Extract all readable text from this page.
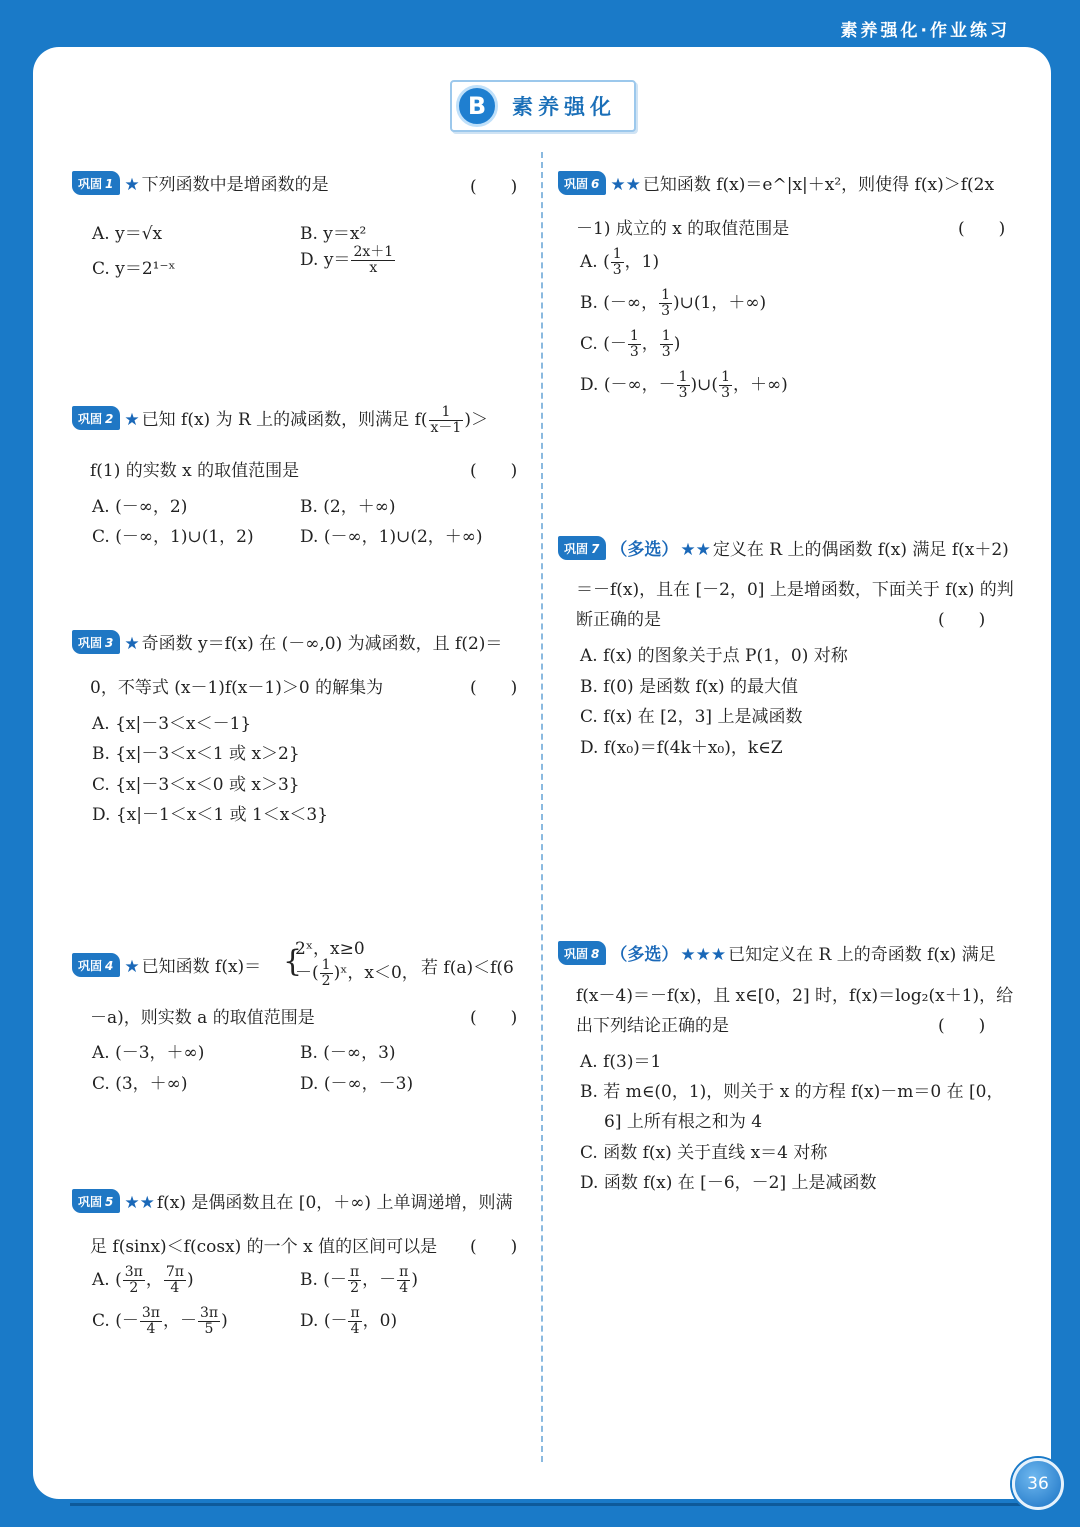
素养强化·作业练习
B	素养强化
巩固 1 ★ 下列函数中是增函数的是	(　　)
A. y＝√x	B. y＝x²
C. y＝2¹⁻ˣ	D. $y= \frac{2x+1}{x}$
巩固 2 ★ 已知 f(x) 为 R 上的减函数，则满足 $f( \frac{1}{x-1}$ )＞
f(1) 的实数 x 的取值范围是	(　　)
A. (－∞，2)	B. (2，＋∞)
C. (－∞，1)∪(1，2)	D. (－∞，1)∪(2，＋∞)
巩固 3 ★ 奇函数 y＝f(x) 在 (－∞,0) 为减函数，且 f(2)＝
0，不等式 (x－1)f(x－1)＞0 的解集为	(　　)
A. {x|－3＜x＜－1}
B. {x|－3＜x＜1 或 x＞2}
C. {x|－3＜x＜0 或 x＞3}
D. {x|－1＜x＜1 或 1＜x＜3}
巩固 4 ★ 已知函数 f(x)＝ {
2ˣ，x≥0
－( $\frac{1}{2}$ )ˣ，x＜0， 若 f(a)＜f(6
－a)，则实数 a 的取值范围是	(　　)
A. (－3，＋∞)	B. (－∞，3)
C. (3，＋∞)	D. (－∞，－3)
巩固 5 ★★ f(x) 是偶函数且在 [0，＋∞) 上单调递增，则满
足 f(sinx)＜f(cosx) 的一个 x 值的区间可以是 (　　)
A. ( $\frac{3\pi}{2}$ ， $\frac{7\pi}{4}$ )	B. (－ $\frac{\pi}{2}$ ，－ $\frac{\pi}{4}$ )
C. (－ $\frac{3\pi}{4}$ ，－ $\frac{3\pi}{5}$ )	D. (－ $\frac{\pi}{4}$ ，0)
巩固 6 ★★ 已知函数 f(x)＝e^|x|＋x²，则使得 f(x)＞f(2x
－1) 成立的 x 的取值范围是	(　　)
A. ( $\frac{1}{3}$ ，1)
B. (－∞， $\frac{1}{3}$ )∪(1，＋∞)
C. (－ $\frac{1}{3}$ ， $\frac{1}{3}$ )
D. (－∞，－ $\frac{1}{3}$ )∪( $\frac{1}{3}$ ，＋∞)
巩固 7 （多选） ★★ 定义在 R 上的偶函数 f(x) 满足 f(x＋2)
＝－f(x)，且在 [－2，0] 上是增函数，下面关于 f(x) 的判
断正确的是	(　　)
A. f(x) 的图象关于点 P(1，0) 对称
B. f(0) 是函数 f(x) 的最大值
C. f(x) 在 [2，3] 上是减函数
D. f(x₀)＝f(4k＋x₀)，k∈Z
巩固 8 （多选） ★★★ 已知定义在 R 上的奇函数 f(x) 满足
f(x－4)＝－f(x)，且 x∈[0，2] 时，f(x)＝log₂(x＋1)，给
出下列结论正确的是	(　　)
A. f(3)＝1
B. 若 m∈(0，1)，则关于 x 的方程 f(x)－m＝0 在 [0，
6] 上所有根之和为 4
C. 函数 f(x) 关于直线 x＝4 对称
D. 函数 f(x) 在 [－6，－2] 上是减函数
36
